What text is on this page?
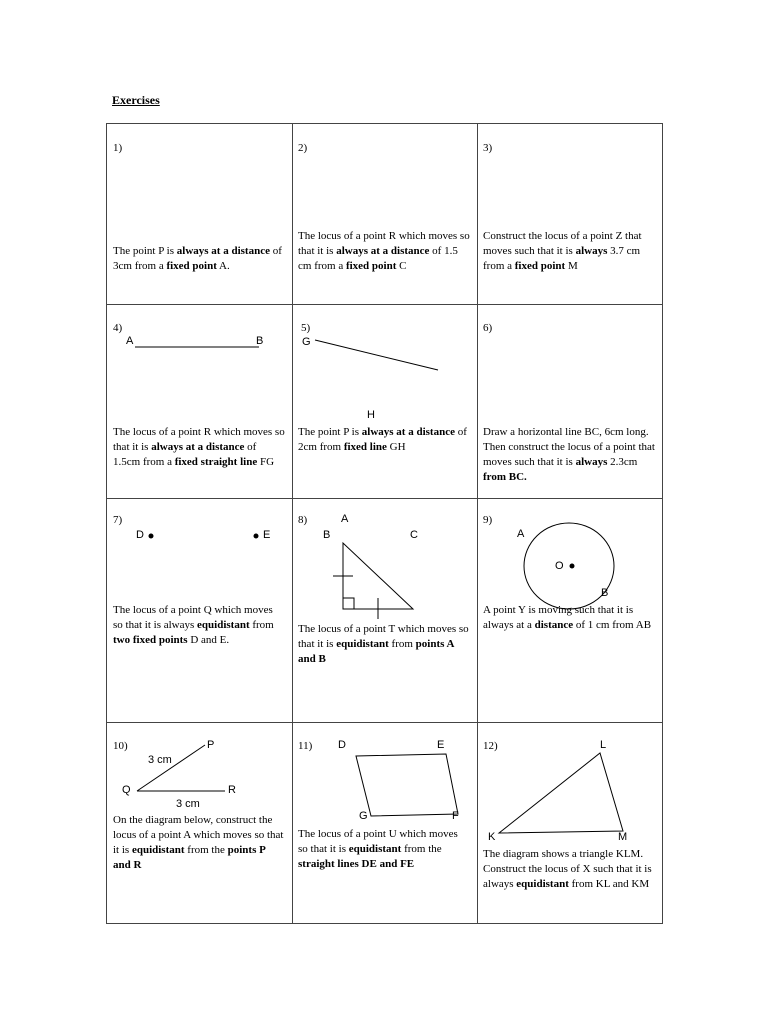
Exercises
1)
The point P is always at a distance of 3cm from a fixed point A.
2)
The locus of a point R which moves so that it is always at a distance of 1.5 cm from a fixed point C
3)
Construct the locus of a point Z that moves such that it is always 3.7 cm from a fixed point M
4)
A	B
The locus of a point R which moves so that it is always at a distance of 1.5cm from a fixed straight line FG
5)
G
H
The point P is always at a distance of 2cm from fixed line GH
6)
Draw a horizontal line BC, 6cm long. Then construct the locus of a point that moves such that it is always 2.3cm from BC.
7)
D	E
The locus of a point Q which moves so that it is always equidistant from two fixed points D and E.
8)	A
B	C
The locus of a point T which moves so that it is equidistant from points A and B
9)
A
O
B
A point Y is moving such that it is always at a distance of 1 cm from AB
10)	P
3 cm
Q	R
3 cm
On the diagram below, construct the locus of a point A which moves so that it is equidistant from the points P and R
11) D	E
G	F
The locus of a point U which moves so that it is equidistant from the straight lines DE and FE
12)	L
K	M
The diagram shows a triangle KLM. Construct the locus of X such that it is always equidistant from KL and KM
